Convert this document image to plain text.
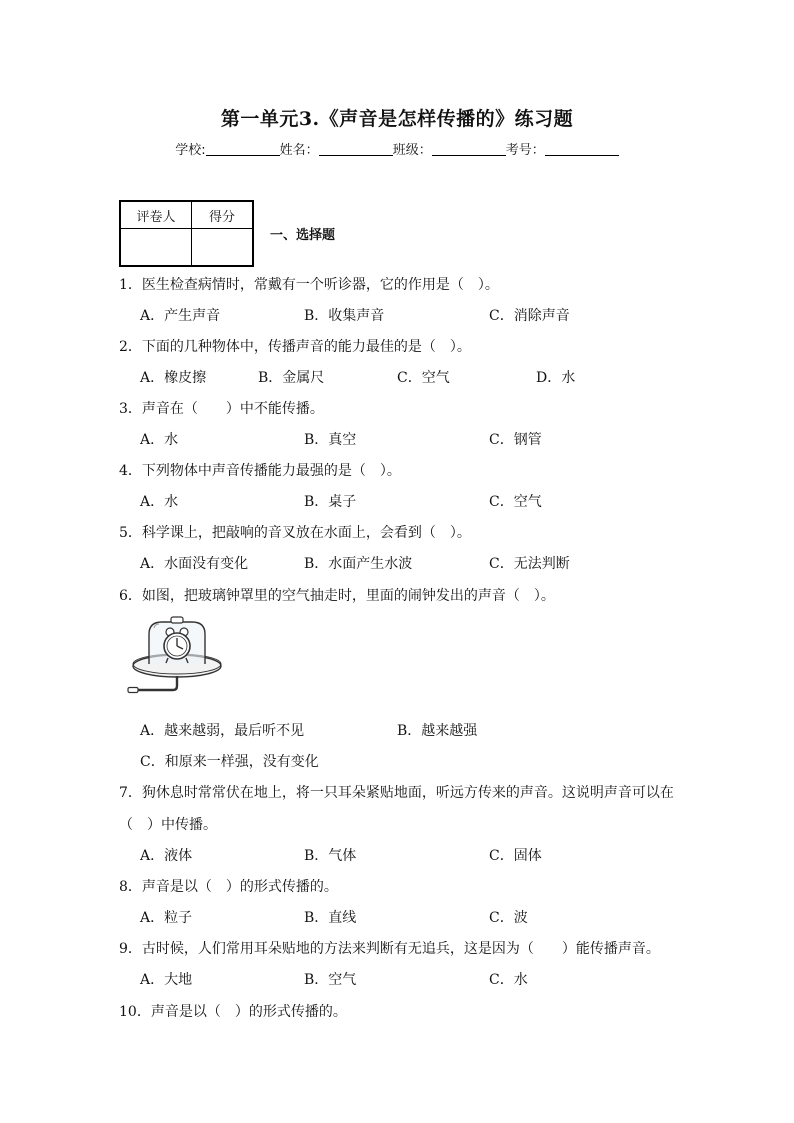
第一单元3.《声音是怎样传播的》练习题
学校:	姓名：	班级：	考号：
评卷人	得分

一、选择题
1．医生检查病情时，常戴有一个听诊器，它的作用是（　）。
A．产生声音	B．收集声音	C．消除声音
2．下面的几种物体中，传播声音的能力最佳的是（　）。
A．橡皮擦	B．金属尺	C．空气	D．水
3．声音在（　　）中不能传播。
A．水	B．真空	C．钢管
4．下列物体中声音传播能力最强的是（　）。
A．水	B．桌子	C．空气
5．科学课上，把敲响的音叉放在水面上，会看到（　）。
A．水面没有变化	B．水面产生水波	C．无法判断
6．如图，把玻璃钟罩里的空气抽走时，里面的闹钟发出的声音（　）。
A．越来越弱，最后听不见	B．越来越强
C．和原来一样强，没有变化
7．狗休息时常常伏在地上，将一只耳朵紧贴地面，听远方传来的声音。这说明声音可以在
（　）中传播。
A．液体	B．气体	C．固体
8．声音是以（　）的形式传播的。
A．粒子	B．直线	C．波
9．古时候，人们常用耳朵贴地的方法来判断有无追兵，这是因为（　　）能传播声音。
A．大地	B．空气	C．水
10．声音是以（　）的形式传播的。
